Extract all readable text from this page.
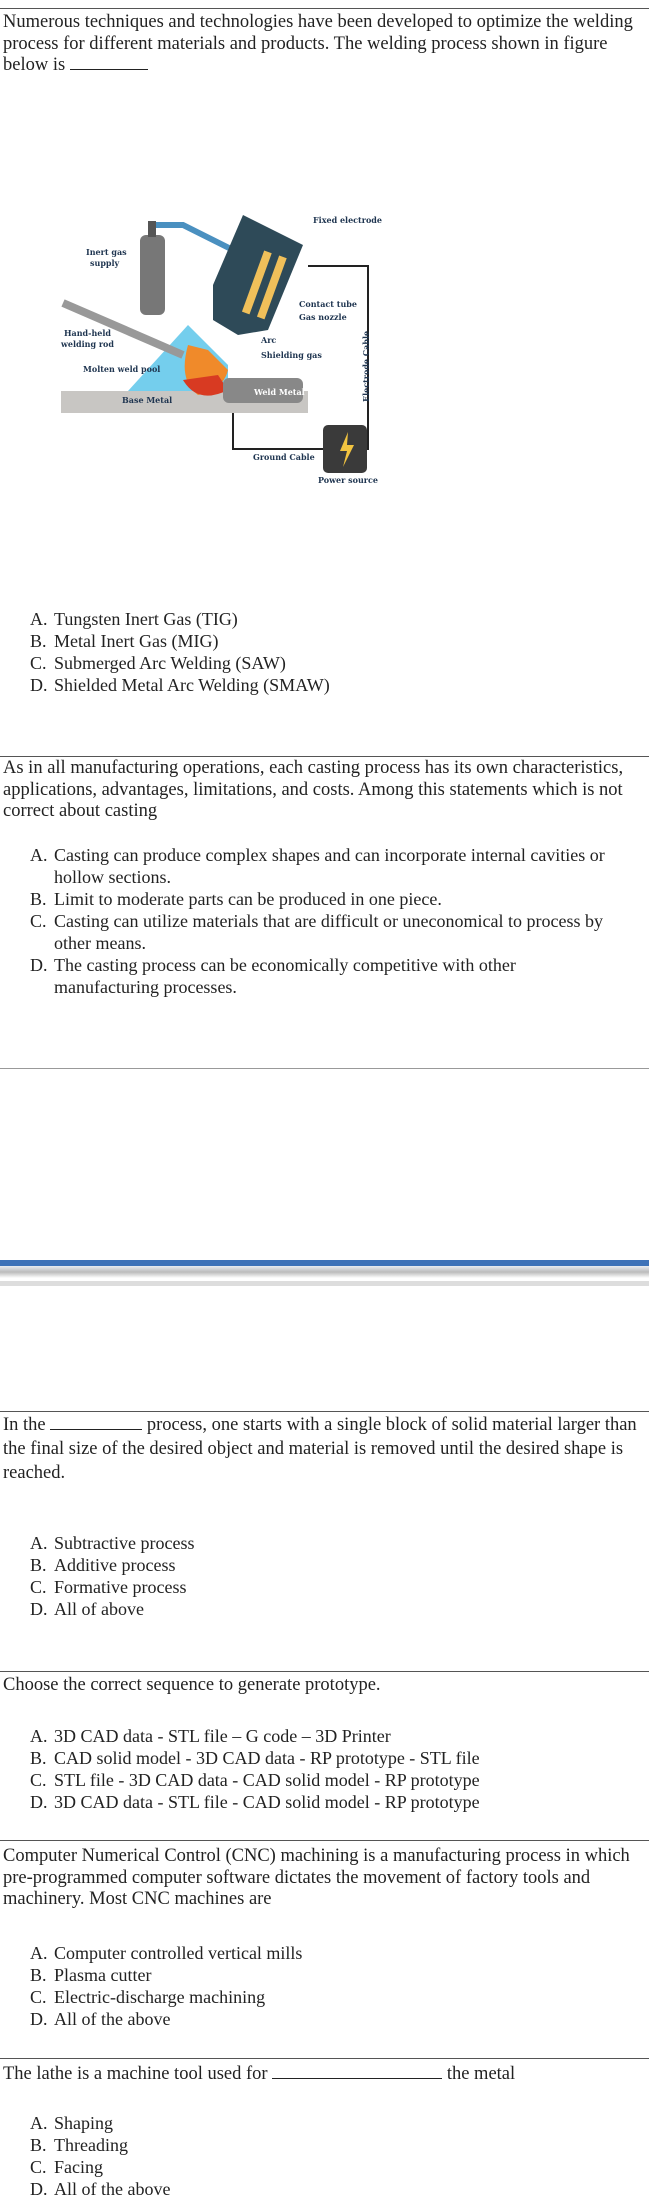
Numerous techniques and technologies have been developed to optimize the welding process for different materials and products. The welding process shown in figure below is

Weld Metal
Fixed electrode
Inert gas
supply
Contact tube
Gas nozzle
Hand-held
welding rod	Arc
Shielding gas
Molten weld pool
Base Metal	Electrode Cable
Ground Cable
Power source
A. Tungsten Inert Gas (TIG)
B. Metal Inert Gas (MIG)
C. Submerged Arc Welding (SAW)
D. Shielded Metal Arc Welding (SMAW)

As in all manufacturing operations, each casting process has its own characteristics, applications, advantages, limitations, and costs. Among this statements which is not correct about casting

A. Casting can produce complex shapes and can incorporate internal cavities or hollow sections.
B. Limit to moderate parts can be produced in one piece.
C. Casting can utilize materials that are difficult or uneconomical to process by other means.
D. The casting process can be economically competitive with other manufacturing processes.

In the	process, one starts with a single block of solid material larger than the final size of the desired object and material is removed until the desired shape is reached.

A. Subtractive process
B. Additive process
C. Formative process
D. All of above

Choose the correct sequence to generate prototype.

A. 3D CAD data - STL file – G code – 3D Printer
B. CAD solid model - 3D CAD data - RP prototype - STL file
C. STL file - 3D CAD data - CAD solid model - RP prototype
D. 3D CAD data - STL file - CAD solid model - RP prototype

Computer Numerical Control (CNC) machining is a manufacturing process in which pre-programmed computer software dictates the movement of factory tools and machinery. Most CNC machines are

A. Computer controlled vertical mills
B. Plasma cutter
C. Electric-discharge machining
D. All of the above

The lathe is a machine tool used for	the metal

A. Shaping
B. Threading
C. Facing
D. All of the above
